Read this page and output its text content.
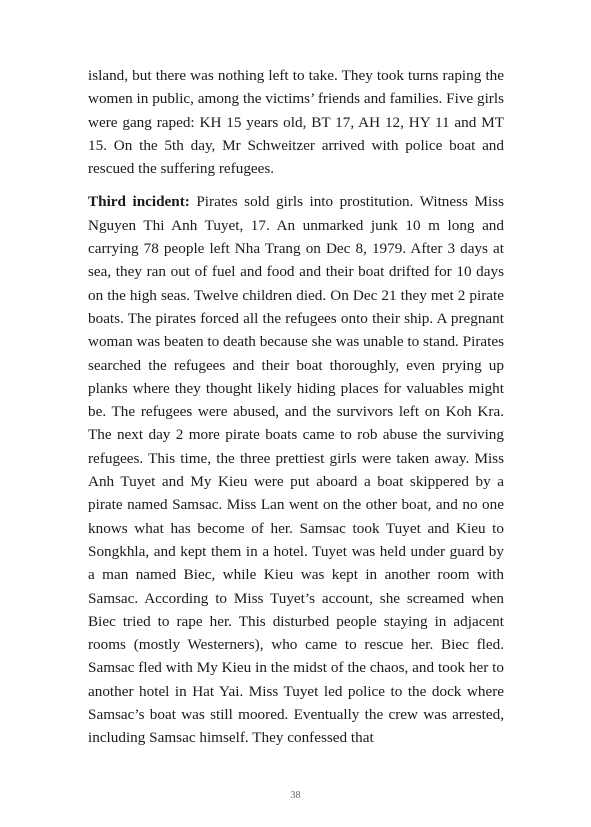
island, but there was nothing left to take. They took turns raping the women in public, among the victims’ friends and families. Five girls were gang raped: KH 15 years old, BT 17, AH 12, HY 11 and MT 15. On the 5th day, Mr Schweitzer arrived with police boat and rescued the suffering refugees.

Third incident: Pirates sold girls into prostitution. Witness Miss Nguyen Thi Anh Tuyet, 17. An unmarked junk 10 m long and carrying 78 people left Nha Trang on Dec 8, 1979. After 3 days at sea, they ran out of fuel and food and their boat drifted for 10 days on the high seas. Twelve children died. On Dec 21 they met 2 pirate boats. The pirates forced all the refugees onto their ship. A pregnant woman was beaten to death because she was unable to stand. Pirates searched the refugees and their boat thoroughly, even prying up planks where they thought likely hiding places for valuables might be. The refugees were abused, and the survivors left on Koh Kra. The next day 2 more pirate boats came to rob abuse the surviving refugees. This time, the three prettiest girls were taken away. Miss Anh Tuyet and My Kieu were put aboard a boat skippered by a pirate named Samsac. Miss Lan went on the other boat, and no one knows what has become of her. Samsac took Tuyet and Kieu to Songkhla, and kept them in a hotel. Tuyet was held under guard by a man named Biec, while Kieu was kept in another room with Samsac. According to Miss Tuyet’s account, she screamed when Biec tried to rape her. This disturbed people staying in adjacent rooms (mostly Westerners), who came to rescue her. Biec fled. Samsac fled with My Kieu in the midst of the chaos, and took her to another hotel in Hat Yai. Miss Tuyet led police to the dock where Samsac’s boat was still moored. Eventually the crew was arrested, including Samsac himself. They confessed that

38
